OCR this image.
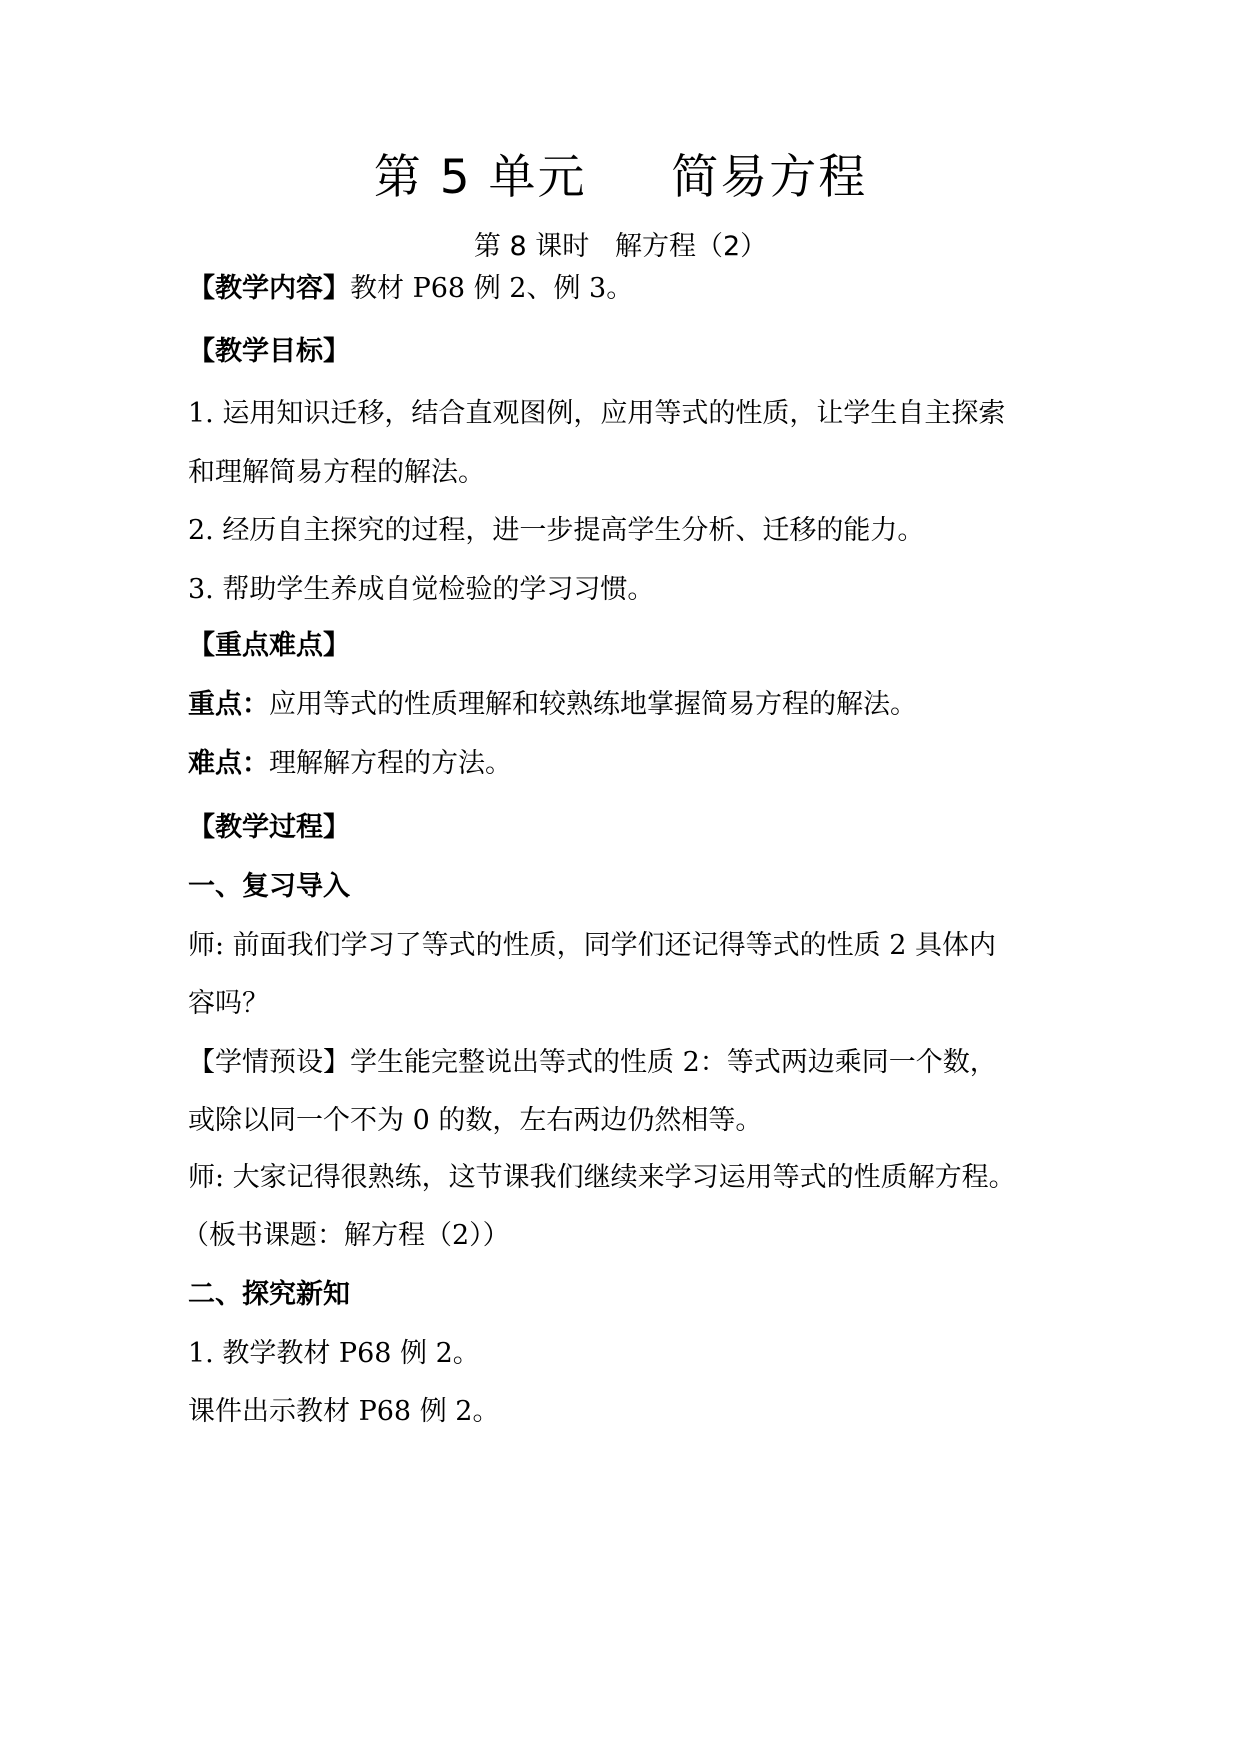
第 5 单元     简易方程
第 8 课时   解方程（2）
【教学内容】教材 P68 例 2、例 3。
【教学目标】
1. 运用知识迁移，结合直观图例，应用等式的性质，让学生自主探索
和理解简易方程的解法。
2. 经历自主探究的过程，进一步提高学生分析、迁移的能力。
3. 帮助学生养成自觉检验的学习习惯。
【重点难点】
重点：应用等式的性质理解和较熟练地掌握简易方程的解法。
难点：理解解方程的方法。
【教学过程】
一、复习导入
师: 前面我们学习了等式的性质，同学们还记得等式的性质 2 具体内
容吗？
【学情预设】学生能完整说出等式的性质 2：等式两边乘同一个数，
或除以同一个不为 0 的数，左右两边仍然相等。
师: 大家记得很熟练，这节课我们继续来学习运用等式的性质解方程。
（板书课题：解方程（2））
二、探究新知
1. 教学教材 P68 例 2。
课件出示教材 P68 例 2。
